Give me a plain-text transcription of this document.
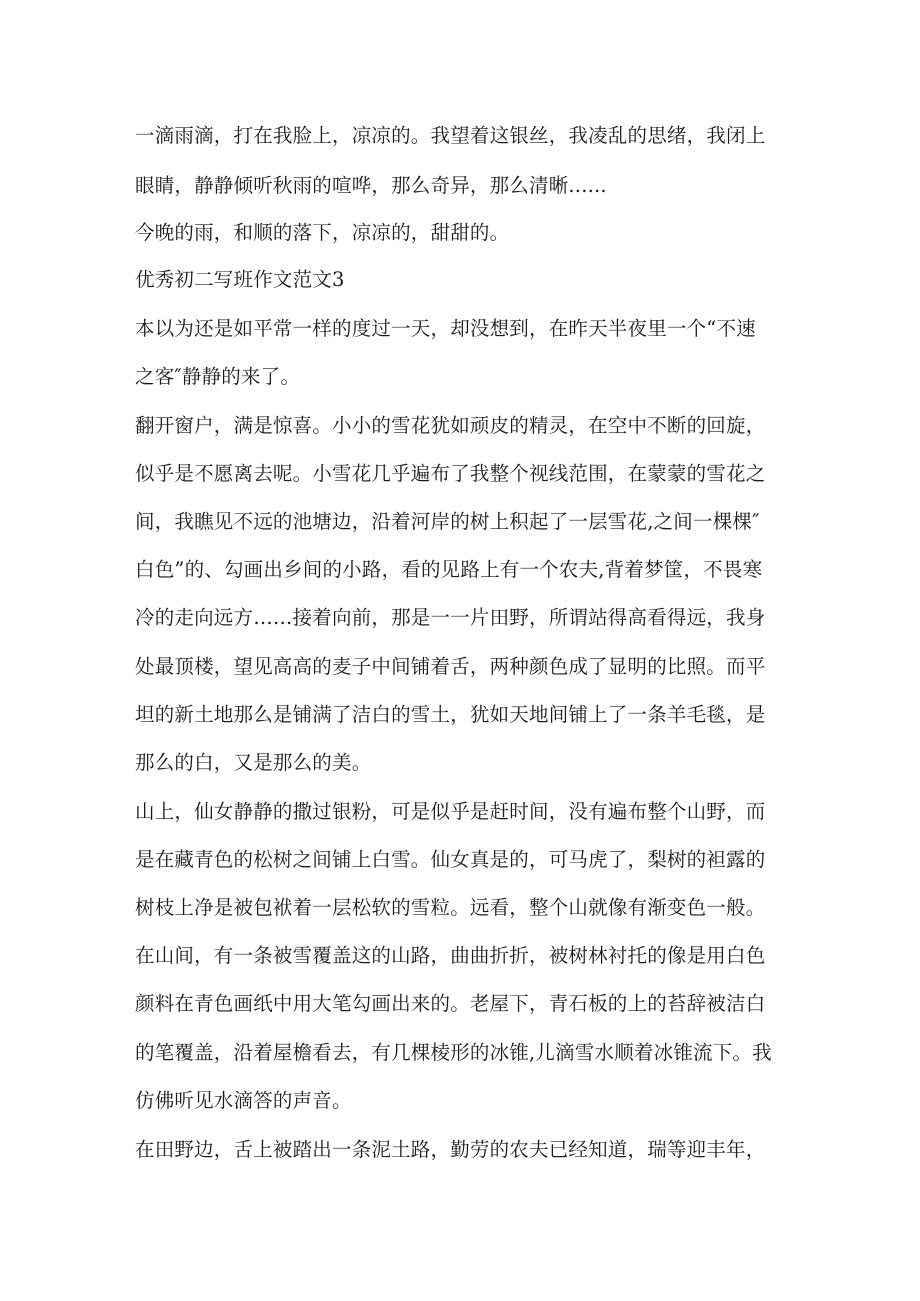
一滴雨滴，打在我脸上，凉凉的。我望着这银丝，我凌乱的思绪，我闭上

眼睛，静静倾听秋雨的喧哗，那么奇异，那么清晰......

今晚的雨，和顺的落下，凉凉的，甜甜的。

优秀初二写班作文范文3

本以为还是如平常一样的度过一天，却没想到，在昨天半夜里一个“不速

之客″静静的来了。

翻开窗户，满是惊喜。小小的雪花犹如顽皮的精灵，在空中不断的回旋，

似乎是不愿离去呢。小雪花几乎遍布了我整个视线范围，在蒙蒙的雪花之

间，我瞧见不远的池塘边，沿着河岸的树上积起了一层雪花,之间一棵棵″

白色”的、勾画出乡间的小路，看的见路上有一个农夫,背着梦筐，不畏寒

冷的走向远方……接着向前，那是一一片田野，所谓站得高看得远，我身

处最顶楼，望见高高的麦子中间铺着舌，两种颜色成了显明的比照。而平

坦的新土地那么是铺满了洁白的雪土，犹如天地间铺上了一条羊毛毯，是

那么的白，又是那么的美。

山上，仙女静静的撒过银粉，可是似乎是赶时间，没有遍布整个山野，而

是在藏青色的松树之间铺上白雪。仙女真是的，可马虎了，梨树的袒露的

树枝上净是被包袱着一层松软的雪粒。远看，整个山就像有渐变色一般。

在山间，有一条被雪覆盖这的山路，曲曲折折，被树林衬托的像是用白色

颜料在青色画纸中用大笔勾画出来的。老屋下，青石板的上的苔辞被洁白

的笔覆盖，沿着屋檐看去，有几棵棱形的冰锥,儿滴雪水顺着冰锥流下。我

仿佛听见水滴答的声音。

在田野边，舌上被踏出一条泥土路，勤劳的农夫已经知道，瑞等迎丰年，
